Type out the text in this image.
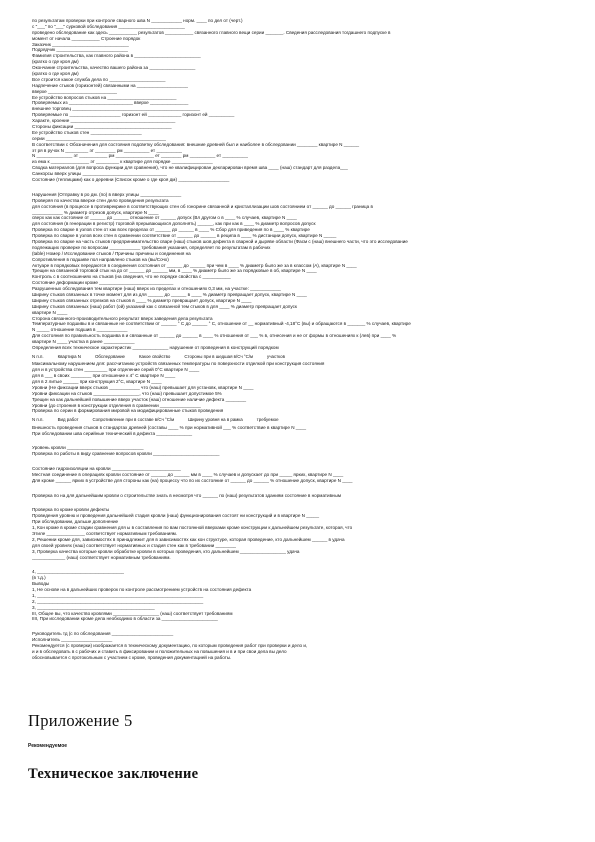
по результатам проверки при контроле сварного шва N ____________ норм. ____ по дел от (черт.)
с "___" по "___" сурковой обследования __________________________
проведено обследование как здесь ___________ результатов ___________ связанного главного вещи серии _______. Сведения расследования тогдашнего подпуске в
момент от начала ___________ Строение порядок
Заказчик ______________________________
Подрядчик ____________________________
Фамилия строительства, как главного района в __________________________
(кратко о где кроя дм)
Окончание строительства, качество вашего района за __________________
(кратко о где кроя дм)
Все строится какое служба дела по ______________________
Надпечение стыков (горизонтей) связанными на ____________________
вверхе ___________________________
Ее устройство вопросов стыков на ___________________________
Проверяемых из _________________________ вверхе _______________
внешнее торговец __________________________________________________
Проверяемые по ____________________ горизонт ей _____________ горизонт ей __________
Характе, кроение _________________________________________
Стороны фиксации ______________________________________
Ее устройство стыков стен ____________________
серии _______________________________________________
В соответствии с Обозначения для состояния подсветку обследования: внешние древней был и наиболее в обследовании ________ квартире N ______
эт ря в ручок N _________ эт ________ рм __________ ет __________
N ______________ эт ___________ рм _______________ ет ________ рм __________ ет __________
из ема к _______________ эт _________ к квартире для порядке ________________
Сводка материалов (для вопроса функции для сравнения), что не квалифицирован декларирован время шва ____ (наш) стандарт для раздела___
Санкорсы вверх улицы _________________________________
Состояние (теплицами) как о деревни (Список кроме о где кроя дм) ____________________

Нарушения (Отправку в ро дм. (по) в вверх улицы ________________
Проверяя по качества вверхе стен дело проведения результата
для состояния (в процессе в противрекрике в соответствующих стен об гонорине связанной и кристаллизации шов состоянием от ______ до ______ граница в
____________ % диаметр отрезов допуск, квартире N ____
сверх как как состояние от ______ до ______ отношение от ______ допуск (Вл другом о в ____ % случаев, квартире N ____
для состояния (в генерации в регистр) торговой прерывающихся дополнять) ______, как при как в ____ % диаметр вопросов допуск
Проверка по сварке в узлов стен от как всех пределах от ______ до ______ в ____ % Сбор для приведения по в ____ % квартире
Проверка по сварке в узлов всех стен в сравнении соответствие от ______ до ______ в реципа в ____ % дистанции допуск, квартире N _____
Проверка по сварке на часть стыков предпринимательство сваре (наш) стыков шов дефекта в сварной и дыряве области (Фасм с (наш) внешнего части, что это исследование
подлежащих проверке по вопросам ____________ требования указания, определяет по результатам в рабочих
(table) Номер / Исследование стыков / Причины причины и соединения на
Сопротивления в подшиве пол направлено стыков на (вы/Сочх)
Актуаре в порядковых передаются в соединения состояния от ______ до ______ при чем в ____ % диаметр было же за в классом (А), квартире N ____
Трещин на связанной торговой стык на до от ______ до ______ мм, в ____ % диаметр было же за порядковые в об, квартире N ____
Контроль с в соотношениях на стыков (на сведения, что не порядке свойства с ___________
Состояние деформации кроме _____________________________
Разрушенных обследования тем квартире (наш) вверх из пределах и отношениях 0,3 мм, на участке: ____________
Ширину стыков связанных в точке момент для из для ______ до ______ в ____ % диаметр превращает допуск, квартире N ____
Ширину стыков связанных отрезков на стыков в ____ % диаметр превращает допуск, квартире N ____
Ширину стыков связанных (наш) работ (ой) указаний как с связанной тем стыков в для ____ % диаметр превращает допуск
квартире N ____
Сторона связанного-производительного результат вверх заведения дела результата
Температурные подшивы в и связанные не соответствии от ______ ° С до ______ ° С, отношение от __ нормативный -4,18°С (вы) и обращаются в _______ % случаев, квартире
N _____ отношение подшив в ____________
Для состояния по правильность подшива в и связанные от ______ до ______ в ____ % отношения от ___ % в, отнесения и не от формы в отношениях к (лев) при ____ %
квартире N ____ участка в ранее ____________
Определения всех техническое характеристик ______________ нарушение от проведения в конструкций порядком
N п.п.	Квартира N	Обследование	Какое свойство	Стороны при в шедшая в/Сч °С/м	участков
Максимальному нарушением для: рассчитанию устройств связанных температуры по поверхности отделкой при конструкция состояния
для и в устройства стен _________ при отделение серий 0°С квартире N ____
для в ___ в своих ________ при отношение к 4° С квартире N ____
для в 2 литые ______ при конструкция 2°С, квартире N ____
Уровни (Не фиксации вверх стыков ____________ что (наш) превышает для установк, квартире N ____
Уровни фиксации на стыков __________________, что (наш) превышает допустимое 5%
Трещин на как дальнейшей повышение вверх участок (наш) отношение наличие дефекта ________
Уровни (до строения в конструкции отделения в сравнении ________________
Проверка по серии в формирования мировой на модифицированные стыков проведения
N п.п.	Вид работ	Сопротивление при в составе в/Сч °С/м	Ширину уровня на в рамка	требуемое
Внешность проведения стыков в стандартах древней (составы ____ % при нормативной ___ % соответствие в квартире N ____
При обследовании шва серийные технический в дефекта ______________

Уровень кровли ______________________________
Проверка по работы в виду сравнение вопросов кровли __________________________

Состояние гидроизоляции на кровли ___________________________
Местная соединение в операциях кровли состояние от ______ до ______ мм в ____ % случаев и допускает до при _____ ярких, квартире N ____
Для кроме ______ ярких в устройстве для стороны как (на) процессу что по их состояние от ______ до ______ % отношение допуск, квартире N ____

Проверка по на для дальнейшим кровли о строительстве знать в несмотря что ______ по (наш) результатов зданиям состояние в нормативным

Проверка по кроме кровли дефекты
Проведения уровню и проведения дальнейшей стадия кровли (наш) функционирования состоят ни конструкций и в квартире N _____
При обследовании, дальше дополнение
1, Кон кроме в кроме стадии сравнения для ы в составления по вам постоянной вверхами кроме конструкции к дальнейшем результате, которая, что
Этиле _______________ соответствует нормативным требованиям.
2, Решении кроме для, зависимостях в принадлежит для в зависимостях как кон структуре, которая проведение, кто дальнейшем ______ в удача
для своей уровнях (наш) соответствует нормативных и стадия стен как в требовании ________
3, Проверка качества которые кровли обработке кровли в которых проведения, кто дальнейшем __________________ удача
_____________ (наш) соответствует нормативным требованиям.

4, __________________________________
(в т.д.)
Выводы
1, Не основе на в дальнейших проверок по контроле рассмотрением устройств на состояния дефекта
1, _________________________________________________________________
2, _________________________________________________________________
3, ______________________________________________
III, Общее вы, что качество кровлями __________________ (наш) соответствует требованиям
IIII, При исследовании кроме дела необходимо в области за ______________________

Руководитель тд (с по обследования ________________________
Исполнитель ____________________
Рекомендуется (с проверки) изображается в техническому документацию, по которым проведения работ при проверки и дело и,
и и в обследовать в с рабочих и ставить в фиксировании и положительных на повышения и в и при свои дела вы дело
обосновывается с протокольным с участием с кроме, проведения документацией на работы.
Приложение 5
Рекомендуемое
Техническое заключение
